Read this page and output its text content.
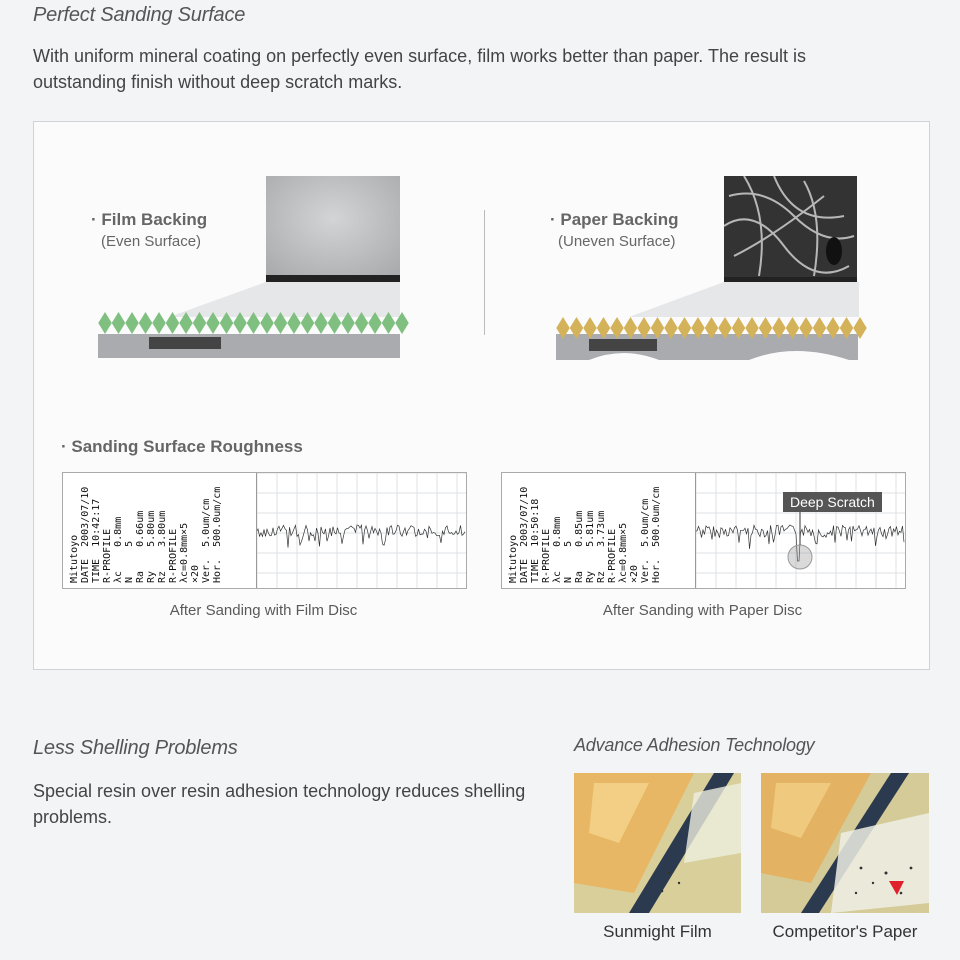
Perfect Sanding Surface
With uniform mineral coating on perfectly even surface, film works better than paper. The result is outstanding finish without deep scratch marks.
· Film Backing
(Even Surface)
· Paper Backing
(Uneven Surface)
· Sanding Surface Roughness
Mitutoyo
DATE  2003/07/10
TIME  10:42:17
R-PROFILE
λc    0.8mm
N     5
Ra    0.66um
Ry    5.80um
Rz    3.80um
R-PROFILE
λc=0.8mm×5
×20
Ver.  5.0um/cm
Hor.  500.0um/cm
After Sanding with Film Disc
Mitutoyo
DATE  2003/07/10
TIME  10:50:18
R-PROFILE
λc    0.8mm
N     5
Ra    0.85um
Ry    5.81um
Rz    3.73um
R-PROFILE
λc=0.8mm×5
×20
Ver.  5.0um/cm
Hor.  500.0um/cm	Deep Scratch
After Sanding with Paper Disc
Less Shelling Problems
Special resin over resin adhesion technology reduces shelling problems.
Advance Adhesion Technology
Sunmight Film	Competitor's Paper
